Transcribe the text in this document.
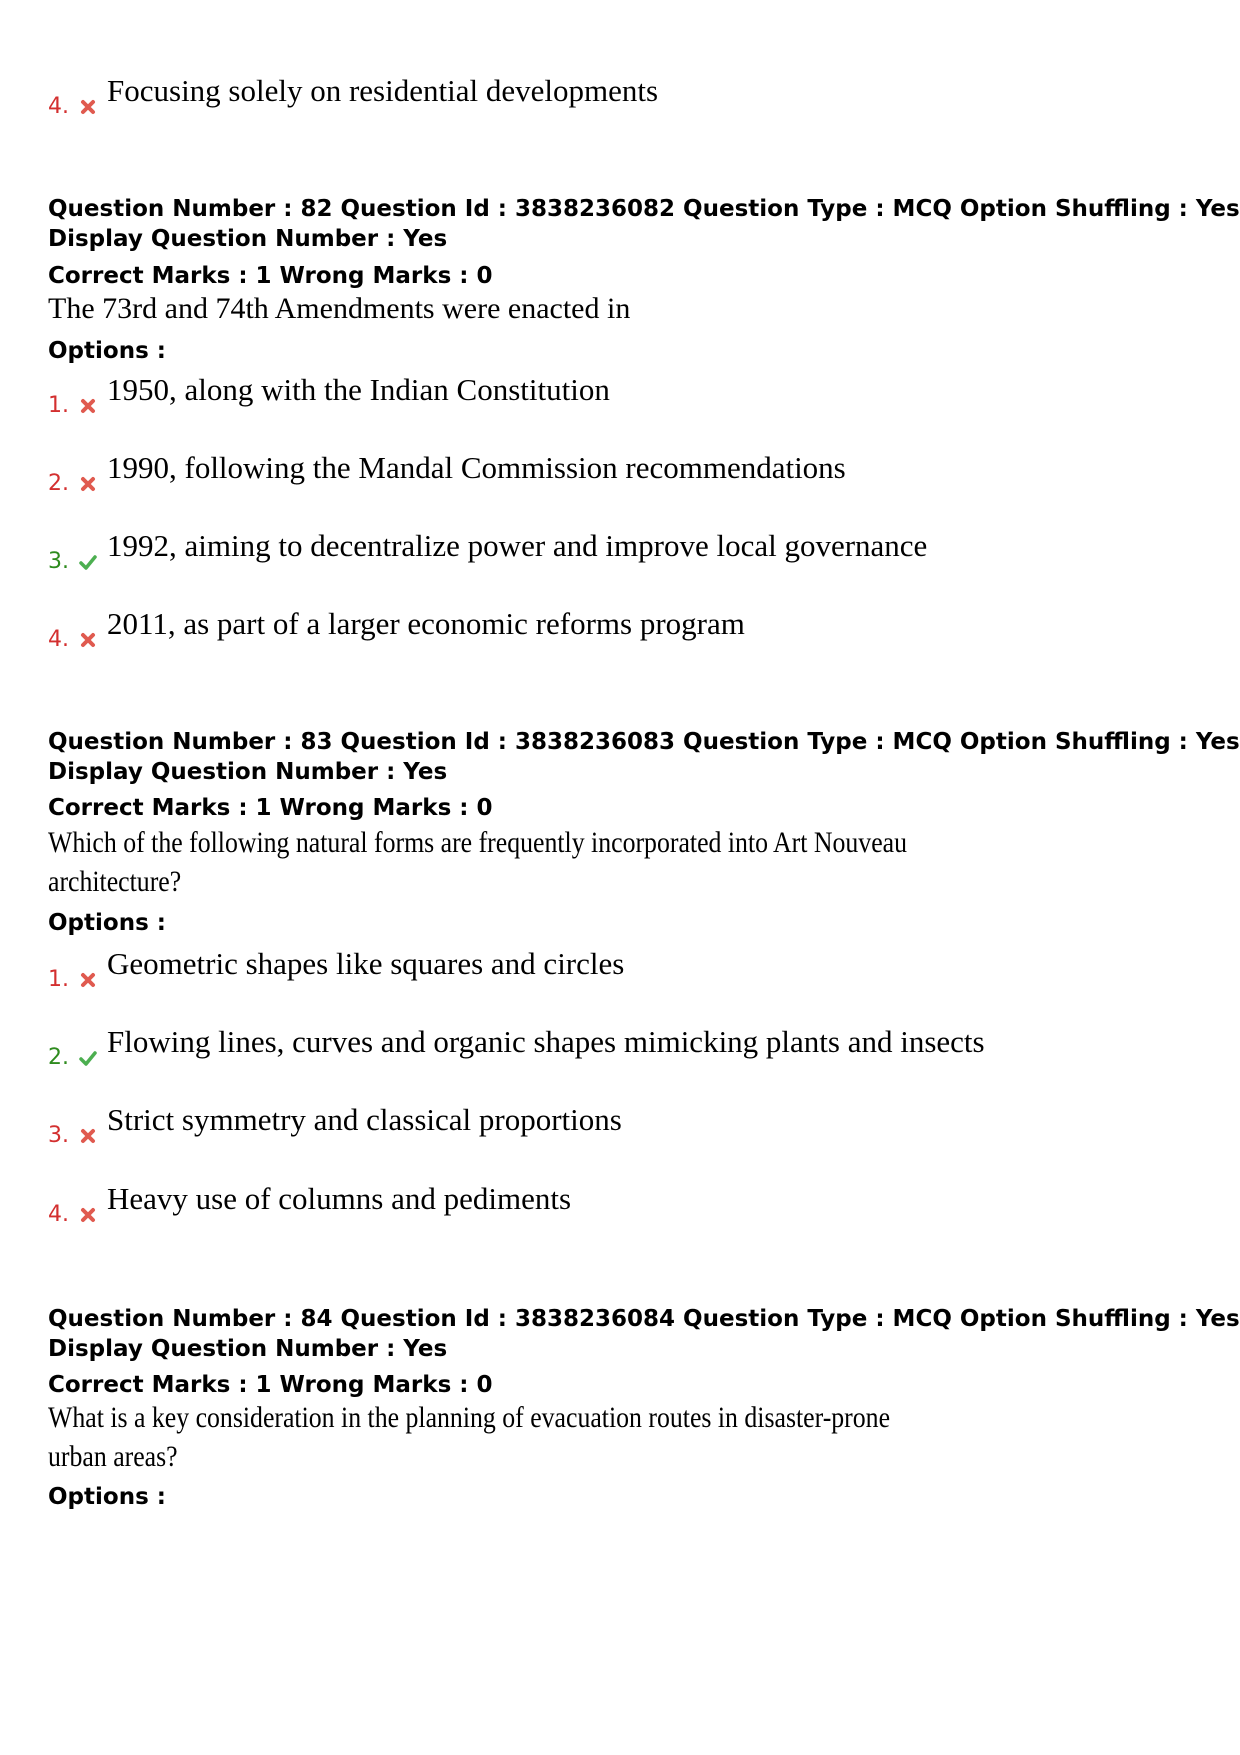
4. Focusing solely on residential developments
Question Number : 82 Question Id : 3838236082 Question Type : MCQ Option Shuffling : Yes
Display Question Number : Yes
Correct Marks : 1 Wrong Marks : 0
The 73rd and 74th Amendments were enacted in
Options :
1. 1950, along with the Indian Constitution
2. 1990, following the Mandal Commission recommendations
3. 1992, aiming to decentralize power and improve local governance
4. 2011, as part of a larger economic reforms program
Question Number : 83 Question Id : 3838236083 Question Type : MCQ Option Shuffling : Yes
Display Question Number : Yes
Correct Marks : 1 Wrong Marks : 0
Which of the following natural forms are frequently incorporated into Art Nouveau
architecture?
Options :
1. Geometric shapes like squares and circles
2. Flowing lines, curves and organic shapes mimicking plants and insects
3. Strict symmetry and classical proportions
4. Heavy use of columns and pediments
Question Number : 84 Question Id : 3838236084 Question Type : MCQ Option Shuffling : Yes
Display Question Number : Yes
Correct Marks : 1 Wrong Marks : 0
What is a key consideration in the planning of evacuation routes in disaster-prone
urban areas?
Options :
